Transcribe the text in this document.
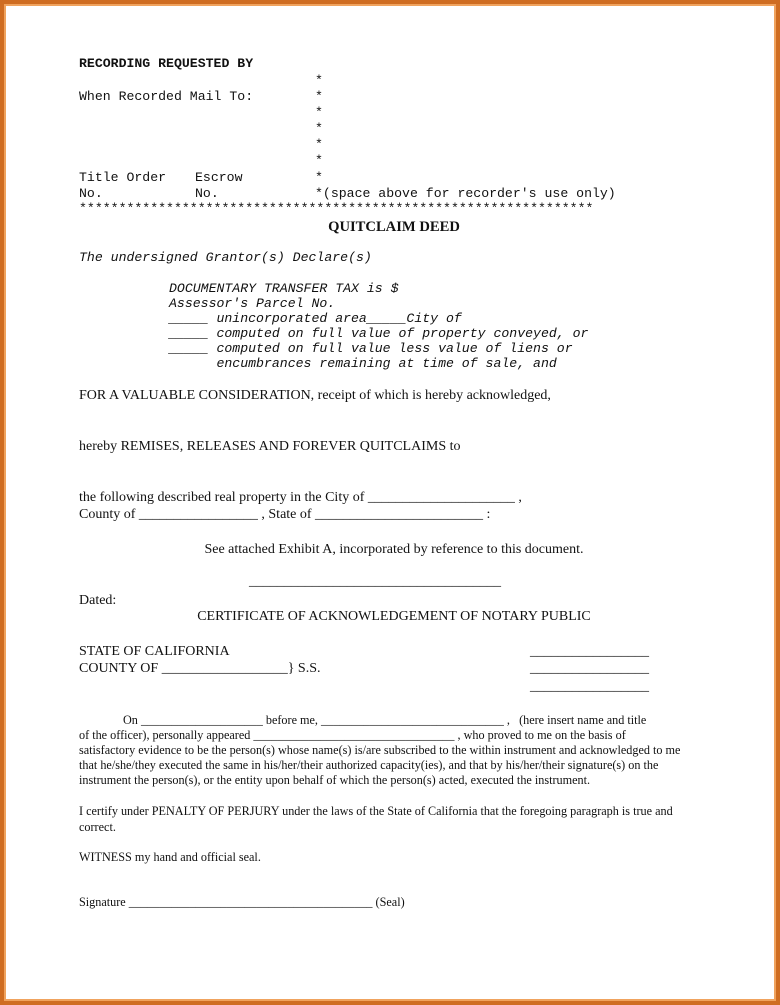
RECORDING REQUESTED BY
When Recorded Mail To:
*
*
*
*
*
*
*
Title Order Escrow
No.	No.	*(space above for recorder's use only)
*****************************************************************
QUITCLAIM DEED
The undersigned Grantor(s) Declare(s)
DOCUMENTARY TRANSFER TAX is $
Assessor's Parcel No.
_____ unincorporated area_____City of
_____ computed on full value of property conveyed, or
_____ computed on full value less value of liens or
encumbrances remaining at time of sale, and
FOR A VALUABLE CONSIDERATION, receipt of which is hereby acknowledged,
hereby REMISES, RELEASES AND FOREVER QUITCLAIMS to
the following described real property in the City of _____________________ ,
County of _________________ , State of ________________________ :
See attached Exhibit A, incorporated by reference to this document.
____________________________________
Dated:
CERTIFICATE OF ACKNOWLEDGEMENT OF NOTARY PUBLIC
STATE OF CALIFORNIA
COUNTY OF __________________} S.S.
_________________
_________________
_________________
On ____________________ before me, ______________________________ ,   (here insert name and title
of the officer), personally appeared _________________________________ , who proved to me on the basis of
satisfactory evidence to be the person(s) whose name(s) is/are subscribed to the within instrument and acknowledged to me
that he/she/they executed the same in his/her/their authorized capacity(ies), and that by his/her/their signature(s) on the
instrument the person(s), or the entity upon behalf of which the person(s) acted, executed the instrument.
I certify under PENALTY OF PERJURY under the laws of the State of California that the foregoing paragraph is true and
correct.
WITNESS my hand and official seal.
Signature ________________________________________ (Seal)
